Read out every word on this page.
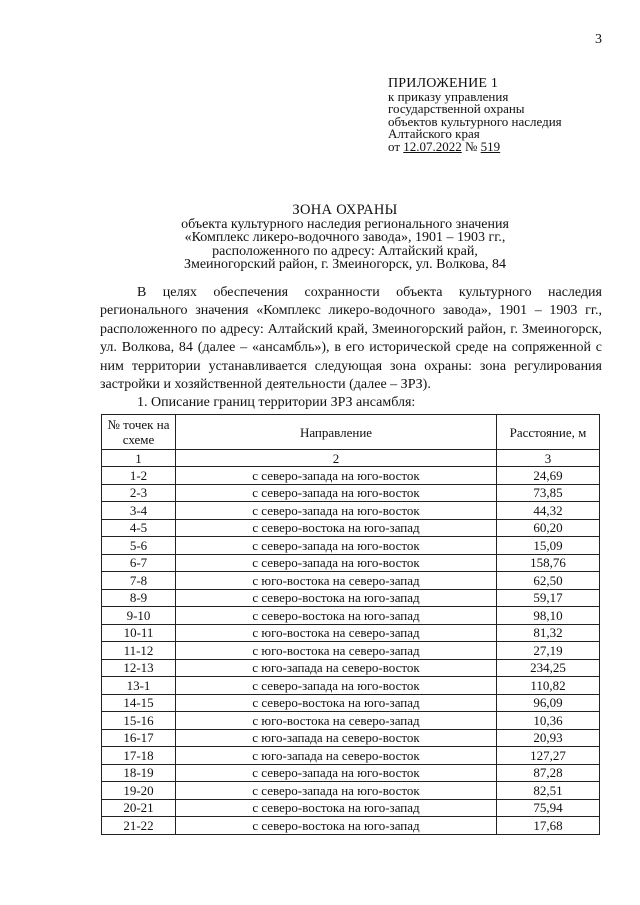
3
ПРИЛОЖЕНИЕ 1
к приказу управления
государственной охраны
объектов культурного наследия
Алтайского края
от 12.07.2022 № 519
ЗОНА ОХРАНЫ
объекта культурного наследия регионального значения
«Комплекс ликеро-водочного завода», 1901 – 1903 гг.,
расположенного по адресу: Алтайский край,
Змеиногорский район, г. Змеиногорск, ул. Волкова, 84

В целях обеспечения сохранности объекта культурного наследия регионального значения «Комплекс ликеро-водочного завода», 1901 – 1903 гг., расположенного по адресу: Алтайский край, Змеиногорский район, г. Змеиногорск, ул. Волкова, 84 (далее – «ансамбль»), в его исторической среде на сопряженной с ним территории устанавливается следующая зона охраны: зона регулирования застройки и хозяйственной деятельности (далее – ЗРЗ).

1. Описание границ территории ЗРЗ ансамбля:

№ точек на схеме	Направление	Расстояние, м
1	2	3
1-2	с северо-запада на юго-восток	24,69
2-3	с северо-запада на юго-восток	73,85
3-4	с северо-запада на юго-восток	44,32
4-5	с северо-востока на юго-запад	60,20
5-6	с северо-запада на юго-восток	15,09
6-7	с северо-запада на юго-восток	158,76
7-8	с юго-востока на северо-запад	62,50
8-9	с северо-востока на юго-запад	59,17
9-10	с северо-востока на юго-запад	98,10
10-11	с юго-востока на северо-запад	81,32
11-12	с юго-востока на северо-запад	27,19
12-13	с юго-запада на северо-восток	234,25
13-1	с северо-запада на юго-восток	110,82
14-15	с северо-востока на юго-запад	96,09
15-16	с юго-востока на северо-запад	10,36
16-17	с юго-запада на северо-восток	20,93
17-18	с юго-запада на северо-восток	127,27
18-19	с северо-запада на юго-восток	87,28
19-20	с северо-запада на юго-восток	82,51
20-21	с северо-востока на юго-запад	75,94
21-22	с северо-востока на юго-запад	17,68
